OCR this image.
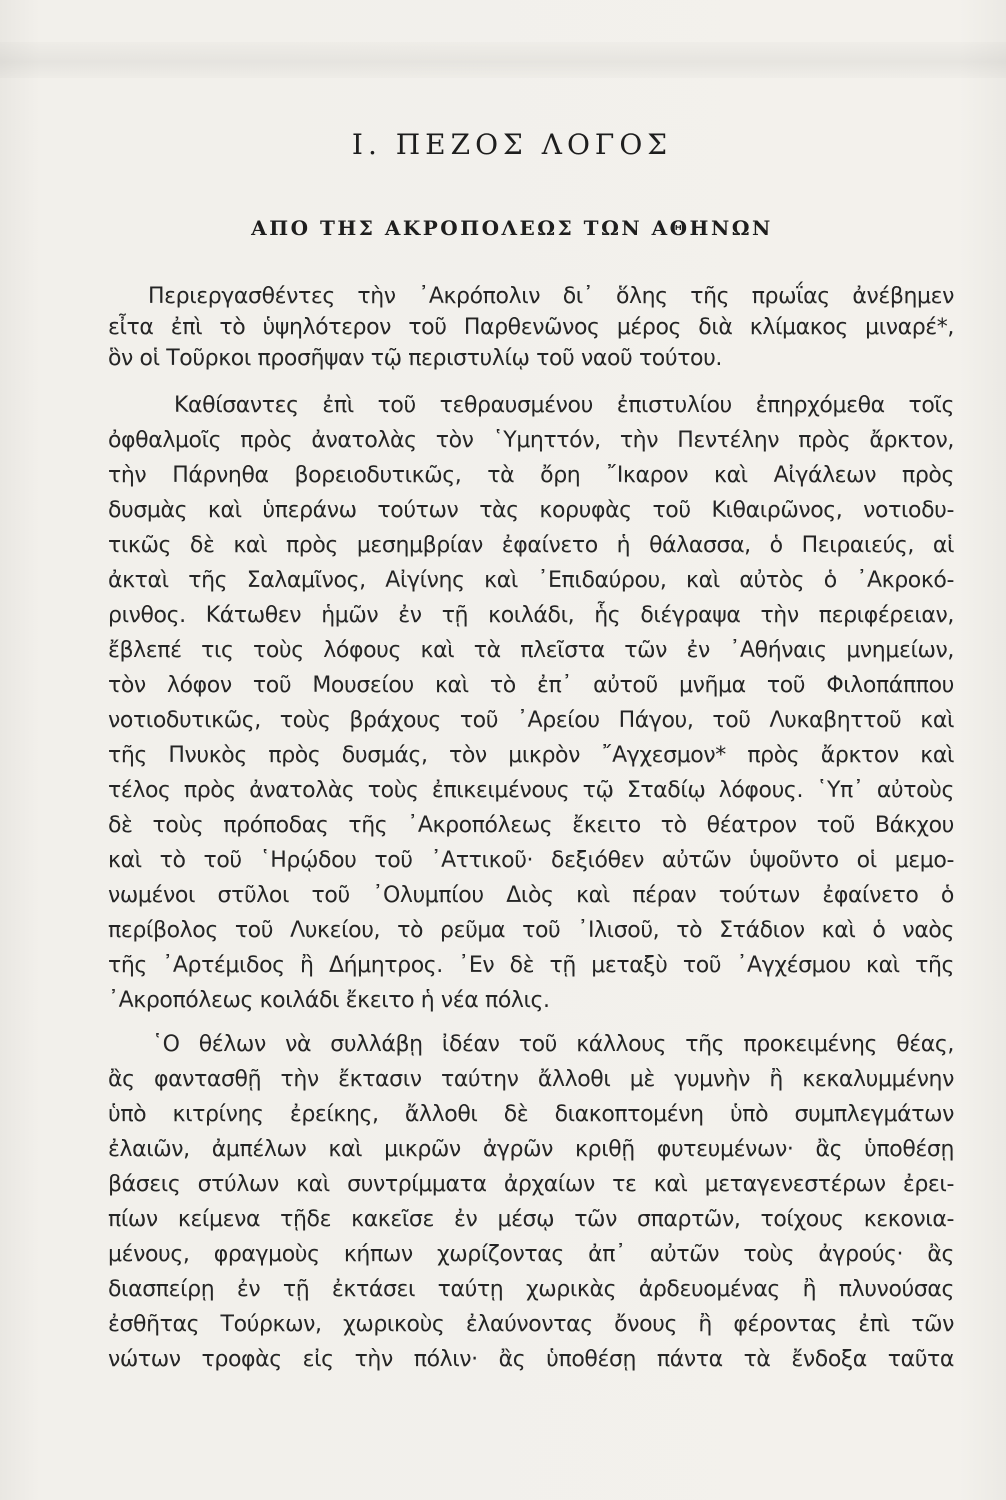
Ι. ΠΕΖΟΣ ΛΟΓΟΣ
ΑΠΟ ΤΗΣ ΑΚΡΟΠΟΛΕΩΣ ΤΩΝ ΑΘΗΝΩΝ
Περιεργασθέντες τὴν ᾿Ακρόπολιν δι᾿ ὅλης τῆς πρωΐας ἀνέβημεν
εἶτα ἐπὶ τὸ ὑψηλότερον τοῦ Παρθενῶνος μέρος διὰ κλίμακος μιναρέ*,
ὃν οἱ Τοῦρκοι προσῆψαν τῷ περιστυλίῳ τοῦ ναοῦ τούτου.
Καθίσαντες ἐπὶ τοῦ τεθραυσμένου ἐπιστυλίου ἐπηρχόμεθα τοῖς
ὀφθαλμοῖς πρὸς ἀνατολὰς τὸν ῾Υμηττόν, τὴν Πεντέλην πρὸς ἄρκτον,
τὴν Πάρνηθα βορειοδυτικῶς, τὰ ὄρη ῎Ικαρον καὶ Αἰγάλεων πρὸς
δυσμὰς καὶ ὑπεράνω τούτων τὰς κορυφὰς τοῦ Κιθαιρῶνος, νοτιοδυ-
τικῶς δὲ καὶ πρὸς μεσημβρίαν ἐφαίνετο ἡ θάλασσα, ὁ Πειραιεύς, αἱ
ἀκταὶ τῆς Σαλαμῖνος, Αἰγίνης καὶ ᾿Επιδαύρου, καὶ αὐτὸς ὁ ᾿Ακροκό-
ρινθος. Κάτωθεν ἡμῶν ἐν τῇ κοιλάδι, ἧς διέγραψα τὴν περιφέρειαν,
ἔβλεπέ τις τοὺς λόφους καὶ τὰ πλεῖστα τῶν ἐν ᾿Αθήναις μνημείων,
τὸν λόφον τοῦ Μουσείου καὶ τὸ ἐπ᾿ αὐτοῦ μνῆμα τοῦ Φιλοπάππου
νοτιοδυτικῶς, τοὺς βράχους τοῦ ᾿Αρείου Πάγου, τοῦ Λυκαβηττοῦ καὶ
τῆς Πνυκὸς πρὸς δυσμάς, τὸν μικρὸν ῎Αγχεσμον* πρὸς ἄρκτον καὶ
τέλος πρὸς ἀνατολὰς τοὺς ἐπικειμένους τῷ Σταδίῳ λόφους. ῾Υπ᾿ αὐτοὺς
δὲ τοὺς πρόποδας τῆς ᾿Ακροπόλεως ἔκειτο τὸ θέατρον τοῦ Βάκχου
καὶ τὸ τοῦ ῾Ηρῴδου τοῦ ᾿Αττικοῦ· δεξιόθεν αὐτῶν ὑψοῦντο οἱ μεμο-
νωμένοι στῦλοι τοῦ ᾿Ολυμπίου Διὸς καὶ πέραν τούτων ἐφαίνετο ὁ
περίβολος τοῦ Λυκείου, τὸ ρεῦμα τοῦ ᾿Ιλισοῦ, τὸ Στάδιον καὶ ὁ ναὸς
τῆς ᾿Αρτέμιδος ἢ Δήμητρος. ᾿Εν δὲ τῇ μεταξὺ τοῦ ᾿Αγχέσμου καὶ τῆς
᾿Ακροπόλεως κοιλάδι ἔκειτο ἡ νέα πόλις.
῾Ο θέλων νὰ συλλάβῃ ἰδέαν τοῦ κάλλους τῆς προκειμένης θέας,
ἂς φαντασθῇ τὴν ἔκτασιν ταύτην ἄλλοθι μὲ γυμνὴν ἢ κεκαλυμμένην
ὑπὸ κιτρίνης ἐρείκης, ἄλλοθι δὲ διακοπτομένη ὑπὸ συμπλεγμάτων
ἐλαιῶν, ἀμπέλων καὶ μικρῶν ἀγρῶν κριθῇ φυτευμένων· ἂς ὑποθέσῃ
βάσεις στύλων καὶ συντρίμματα ἀρχαίων τε καὶ μεταγενεστέρων ἐρει-
πίων κείμενα τῇδε κακεῖσε ἐν μέσῳ τῶν σπαρτῶν, τοίχους κεκονια-
μένους, φραγμοὺς κήπων χωρίζοντας ἀπ᾿ αὐτῶν τοὺς ἀγρούς· ἂς
διασπείρῃ ἐν τῇ ἐκτάσει ταύτῃ χωρικὰς ἀρδευομένας ἢ πλυνούσας
ἐσθῆτας Τούρκων, χωρικοὺς ἐλαύνοντας ὄνους ἢ φέροντας ἐπὶ τῶν
νώτων τροφὰς εἰς τὴν πόλιν· ἂς ὑποθέσῃ πάντα τὰ ἔνδοξα ταῦτα
